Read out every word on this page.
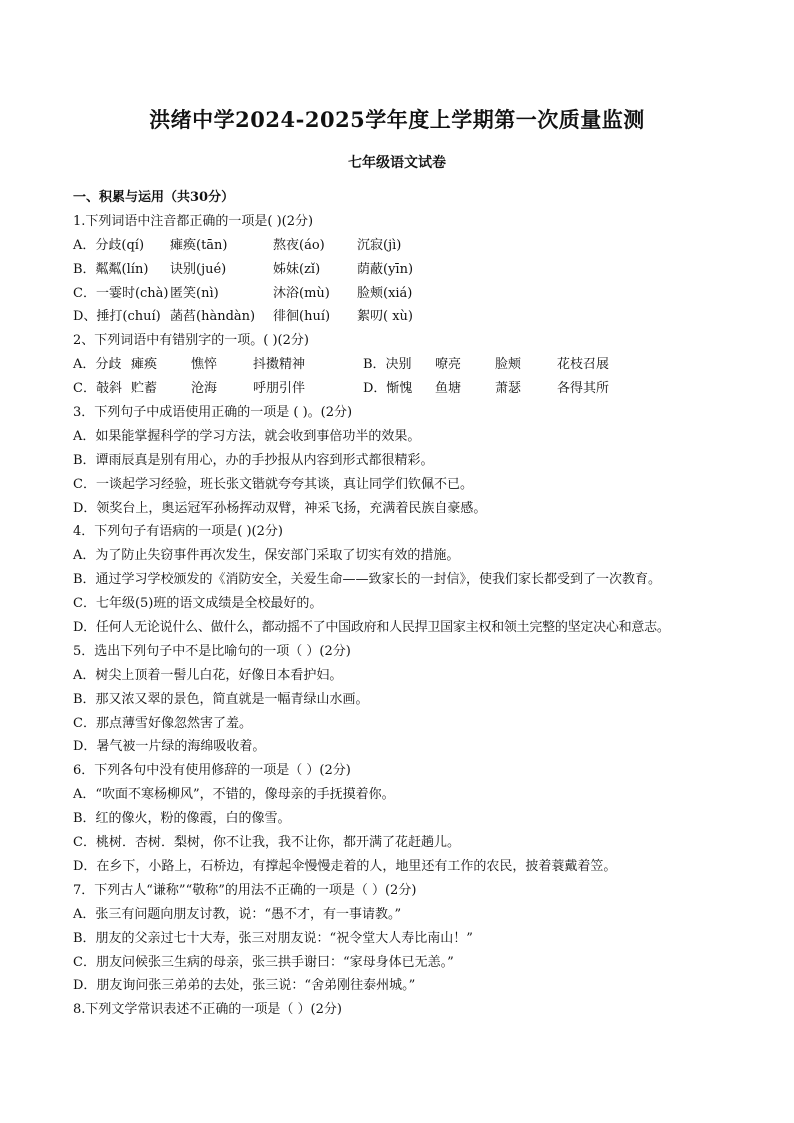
洪绪中学2024-2025学年度上学期第一次质量监测
七年级语文试卷
一、积累与运用（共30分）
1.下列词语中注音都正确的一项是( )(2分)
A．分歧(qí) 瘫痪(tān)	熬夜(áo) 沉寂(jì)
B．粼粼(lín) 诀别(jué)	姊妹(zǐ)	荫蔽(yīn)
C．一霎时(chà) 匿笑(nì)	沐浴(mù) 脸颊(xiá)
D、捶打(chuí) 菡萏(hàndàn) 徘徊(huí) 絮叨( xù)
2、下列词语中有错别字的一项。( )(2分)
A．分歧 瘫痪	憔悴	抖擞精神	B．决别 嘹亮	脸颊	花枝召展
C．攲斜 贮蓄	沧海	呼朋引伴	D．惭愧 鱼塘	萧瑟	各得其所
3．下列句子中成语使用正确的一项是 ( )。(2分)
A．如果能掌握科学的学习方法，就会收到事倍功半的效果。
B．谭雨辰真是别有用心，办的手抄报从内容到形式都很精彩。
C．一谈起学习经验，班长张文锴就夸夸其谈，真让同学们钦佩不已。
D．领奖台上，奥运冠军孙杨挥动双臂，神采飞扬，充满着民族自豪感。
4．下列句子有语病的一项是( )(2分)
A．为了防止失窃事件再次发生，保安部门采取了切实有效的措施。
B．通过学习学校颁发的《消防安全，关爱生命——致家长的一封信》，使我们家长都受到了一次教育。
C．七年级(5)班的语文成绩是全校最好的。
D．任何人无论说什么、做什么，都动摇不了中国政府和人民捍卫国家主权和领土完整的坚定决心和意志。
5．选出下列句子中不是比喻句的一项（ ）(2分)
A．树尖上顶着一髻儿白花，好像日本看护妇。
B．那又浓又翠的景色，简直就是一幅青绿山水画。
C．那点薄雪好像忽然害了羞。
D．暑气被一片绿的海绵吸收着。
6．下列各句中没有使用修辞的一项是（ ）(2分)
A．“吹面不寒杨柳风”，不错的，像母亲的手抚摸着你。
B．红的像火，粉的像霞，白的像雪。
C．桃树．杏树．梨树，你不让我，我不让你，都开满了花赶趟儿。
D．在乡下，小路上，石桥边，有撑起伞慢慢走着的人，地里还有工作的农民，披着蓑戴着笠。
7．下列古人“谦称”“敬称”的用法不正确的一项是（ ）(2分)
A．张三有问题向朋友讨教，说：“愚不才，有一事请教。”
B．朋友的父亲过七十大寿，张三对朋友说：“祝令堂大人寿比南山！”
C．朋友问候张三生病的母亲，张三拱手谢曰：“家母身体已无恙。”
D．朋友询问张三弟弟的去处，张三说：“舍弟刚往泰州城。”
8.下列文学常识表述不正确的一项是（ ）(2分)
